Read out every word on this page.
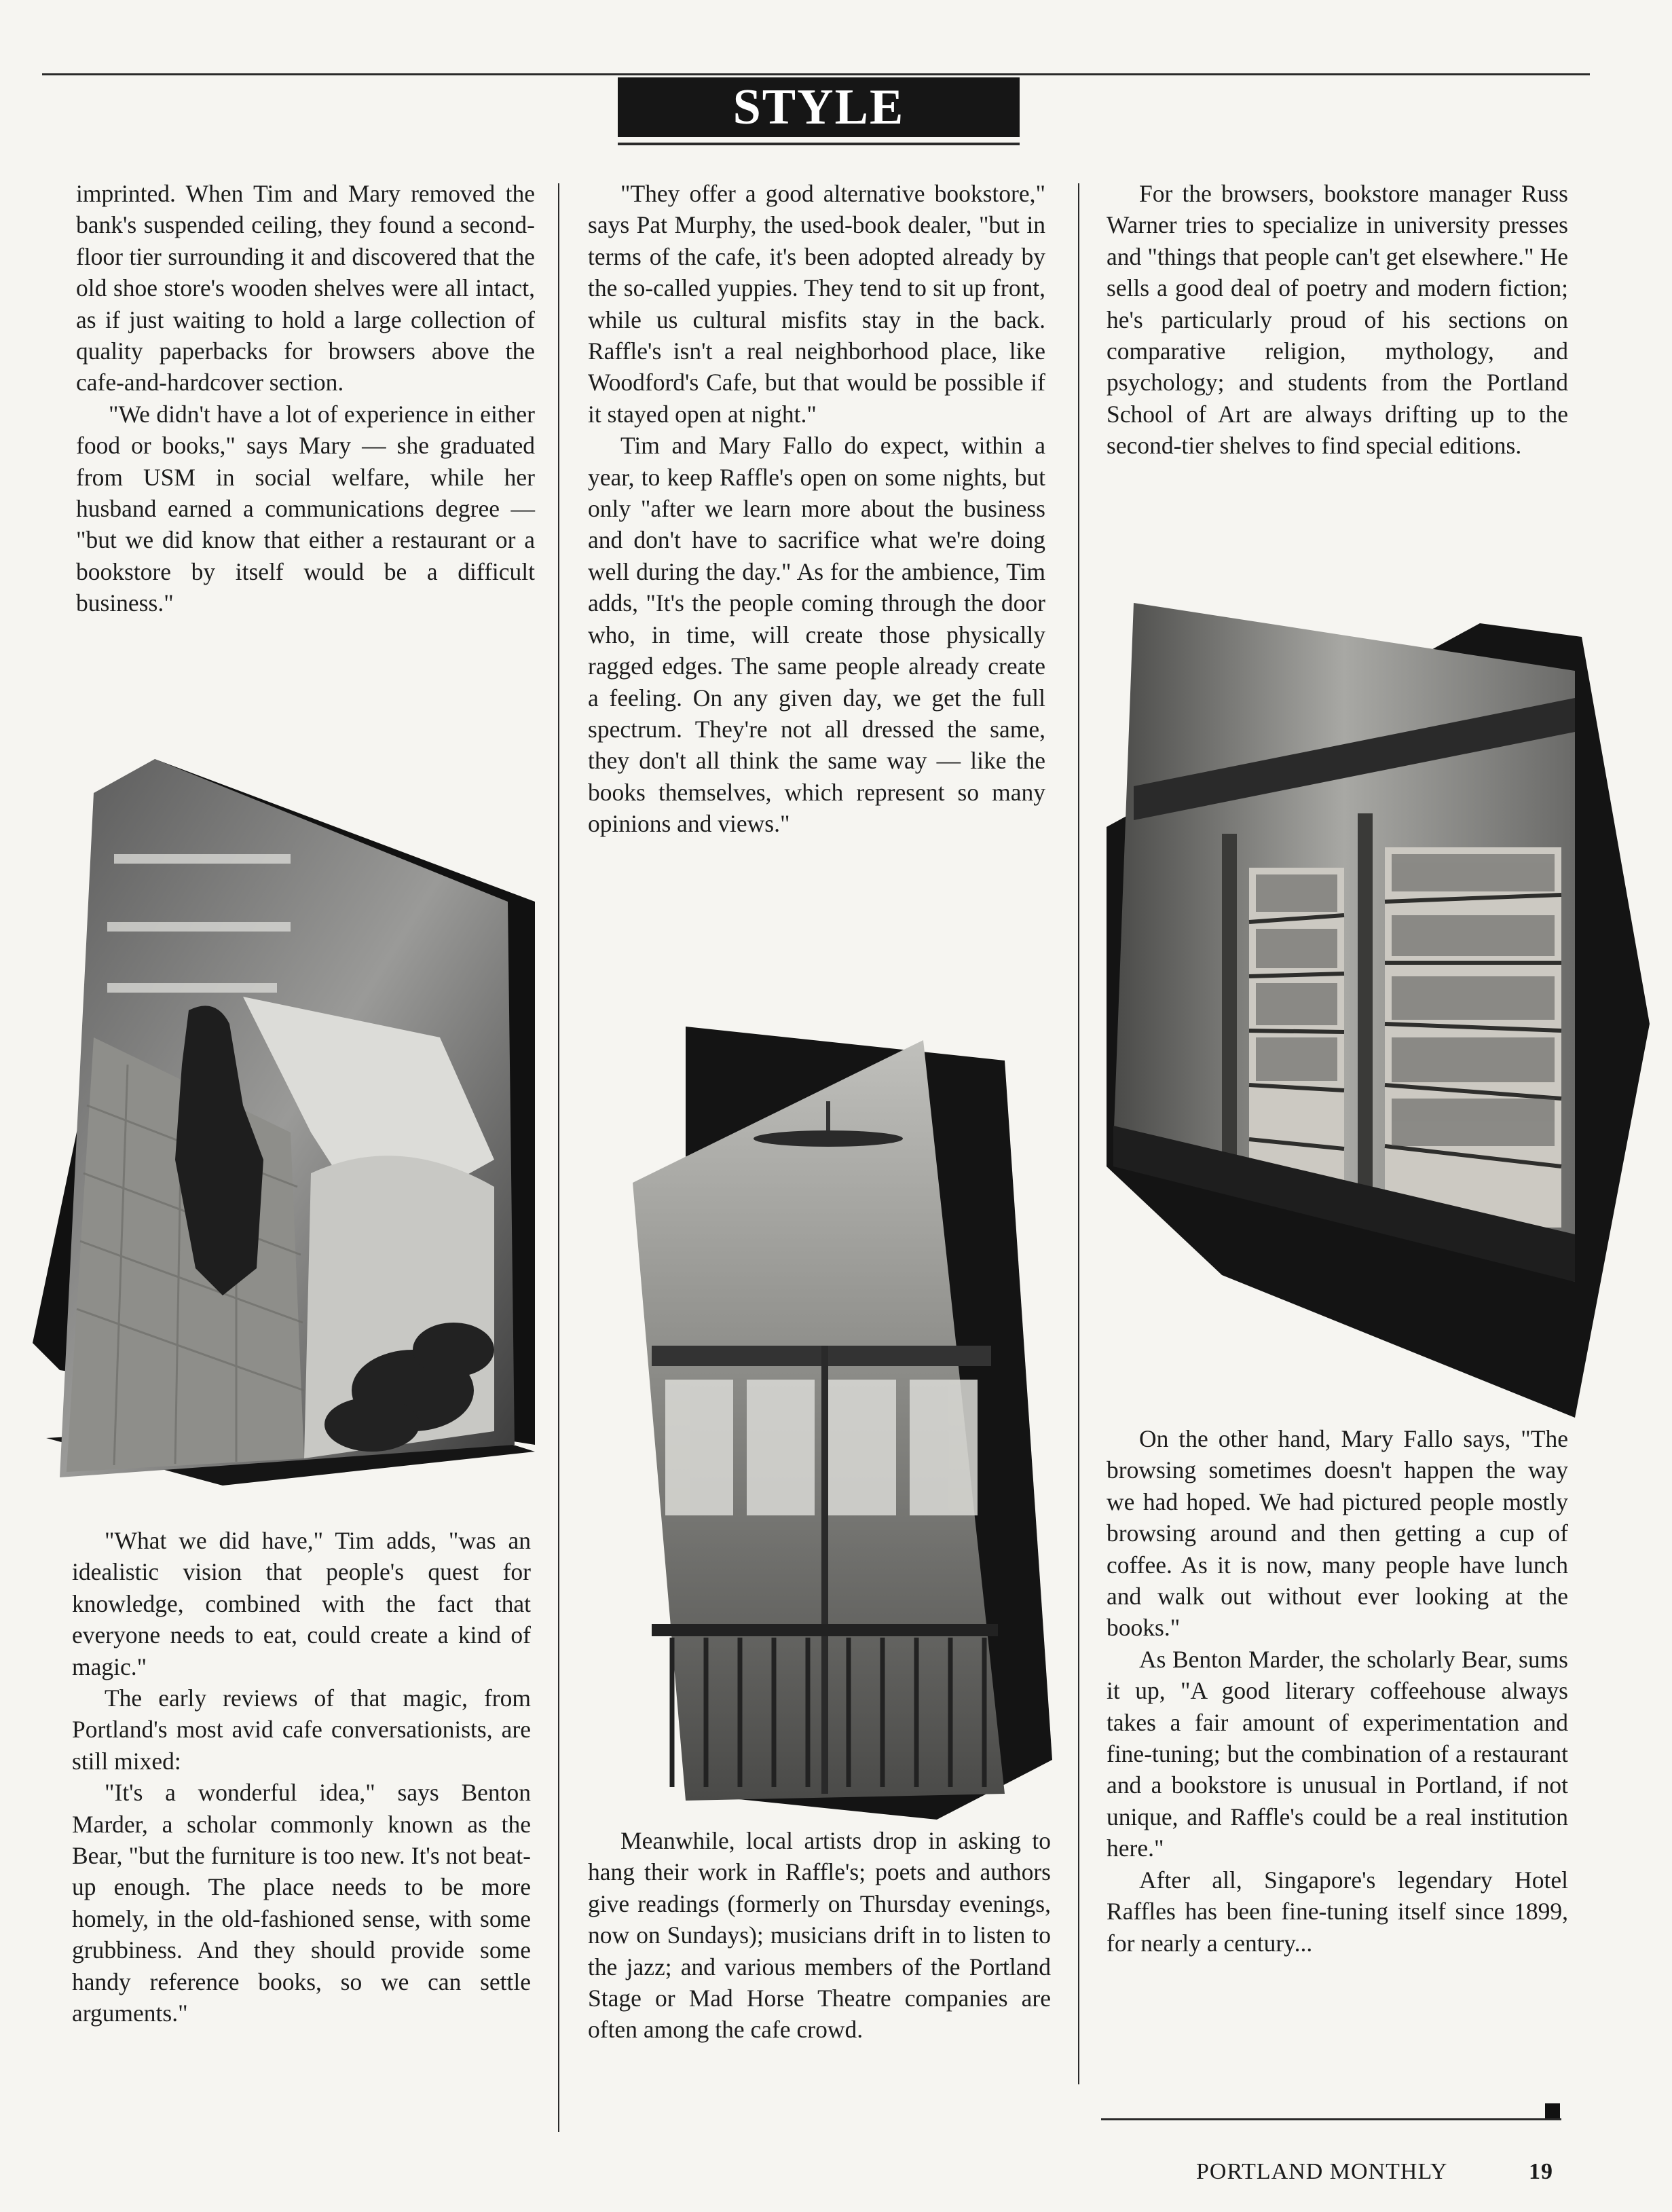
STYLE

imprinted. When Tim and Mary removed the bank's suspended ceiling, they found a second-floor tier surrounding it and discovered that the old shoe store's wooden shelves were all intact, as if just waiting to hold a large collection of quality paperbacks for browsers above the cafe-and-hardcover section.

"We didn't have a lot of experience in either food or books," says Mary — she graduated from USM in social welfare, while her husband earned a communications degree — "but we did know that either a restaurant or a bookstore by itself would be a difficult business."

"What we did have," Tim adds, "was an idealistic vision that people's quest for knowledge, combined with the fact that everyone needs to eat, could create a kind of magic."

The early reviews of that magic, from Portland's most avid cafe conversationists, are still mixed:

"It's a wonderful idea," says Benton Marder, a scholar commonly known as the Bear, "but the furniture is too new. It's not beat-up enough. The place needs to be more homely, in the old-fashioned sense, with some grubbiness. And they should provide some handy reference books, so we can settle arguments."

"They offer a good alternative bookstore," says Pat Murphy, the used-book dealer, "but in terms of the cafe, it's been adopted already by the so-called yuppies. They tend to sit up front, while us cultural misfits stay in the back. Raffle's isn't a real neighborhood place, like Woodford's Cafe, but that would be possible if it stayed open at night."

Tim and Mary Fallo do expect, within a year, to keep Raffle's open on some nights, but only "after we learn more about the business and don't have to sacrifice what we're doing well during the day." As for the ambience, Tim adds, "It's the people coming through the door who, in time, will create those physically ragged edges. The same people already create a feeling. On any given day, we get the full spectrum. They're not all dressed the same, they don't all think the same way — like the books themselves, which represent so many opinions and views."

Meanwhile, local artists drop in asking to hang their work in Raffle's; poets and authors give readings (formerly on Thursday evenings, now on Sundays); musicians drift in to listen to the jazz; and various members of the Portland Stage or Mad Horse Theatre companies are often among the cafe crowd.

For the browsers, bookstore manager Russ Warner tries to specialize in university presses and "things that people can't get elsewhere." He sells a good deal of poetry and modern fiction; he's particularly proud of his sections on comparative religion, mythology, and psychology; and students from the Portland School of Art are always drifting up to the second-tier shelves to find special editions.

On the other hand, Mary Fallo says, "The browsing sometimes doesn't happen the way we had hoped. We had pictured people mostly browsing around and then getting a cup of coffee. As it is now, many people have lunch and walk out without ever looking at the books."

As Benton Marder, the scholarly Bear, sums it up, "A good literary coffeehouse always takes a fair amount of experimentation and fine-tuning; but the combination of a restaurant and a bookstore is unusual in Portland, if not unique, and Raffle's could be a real institution here."

After all, Singapore's legendary Hotel Raffles has been fine-tuning itself since 1899, for nearly a century...

PORTLAND MONTHLY	19
